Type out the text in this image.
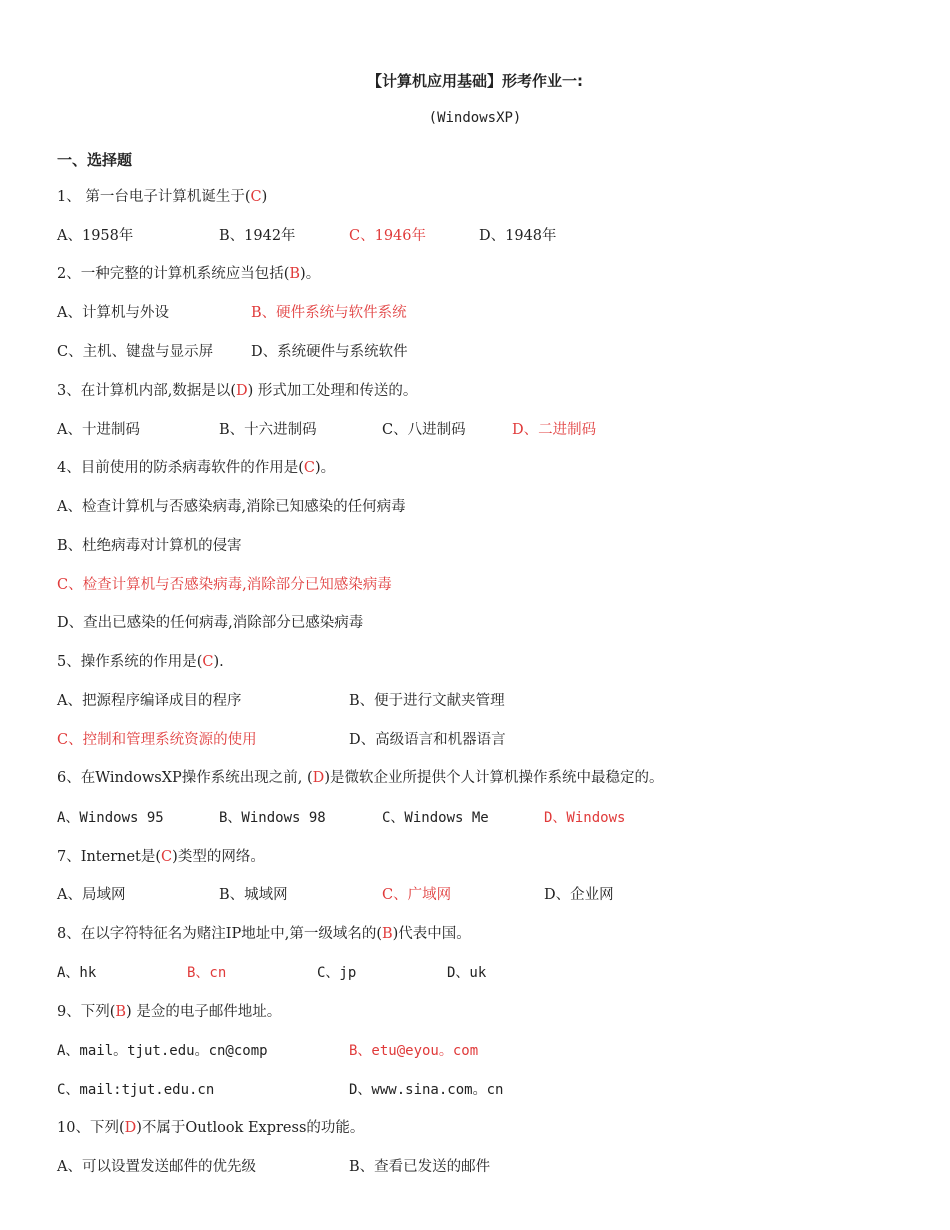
【计算机应用基础】形考作业一:
(WindowsXP)
一、选择题
1、 第一台电子计算机诞生于(C)
A、1958年	B、1942年	C、1946年	D、1948年
2、一种完整的计算机系统应当包括(B)。
A、计算机与外设	B、硬件系统与软件系统
C、主机、键盘与显示屏	D、系统硬件与系统软件
3、在计算机内部,数据是以(D) 形式加工处理和传送的。
A、十进制码	B、十六进制码	C、八进制码	D、二进制码
4、目前使用的防杀病毒软件的作用是(C)。
A、检查计算机与否感染病毒,消除已知感染的任何病毒
B、杜绝病毒对计算机的侵害
C、检查计算机与否感染病毒,消除部分已知感染病毒
D、查出已感染的任何病毒,消除部分已感染病毒
5、操作系统的作用是(C).
A、把源程序编译成目的程序	B、便于进行文献夹管理
C、控制和管理系统资源的使用	D、高级语言和机器语言
6、在WindowsXP操作系统出现之前, (D)是微软企业所提供个人计算机操作系统中最稳定的。
A、Windows 95	B、Windows 98	C、Windows Me	D、Windows
7、Internet是(C)类型的网络。
A、局域网	B、城域网	C、广域网	D、企业网
8、在以字符特征名为赌注IP地址中,第一级域名的(B)代表中国。
A、hk	B、cn	C、jp	D、uk
9、下列(B) 是佥的电子邮件地址。
A、mail。tjut.edu。cn@comp	B、etu@eyou。com
C、mail:tjut.edu.cn	D、www.sina.com。cn
10、下列(D)不属于Outlook Express的功能。
A、可以设置发送邮件的优先级	B、查看已发送的邮件
